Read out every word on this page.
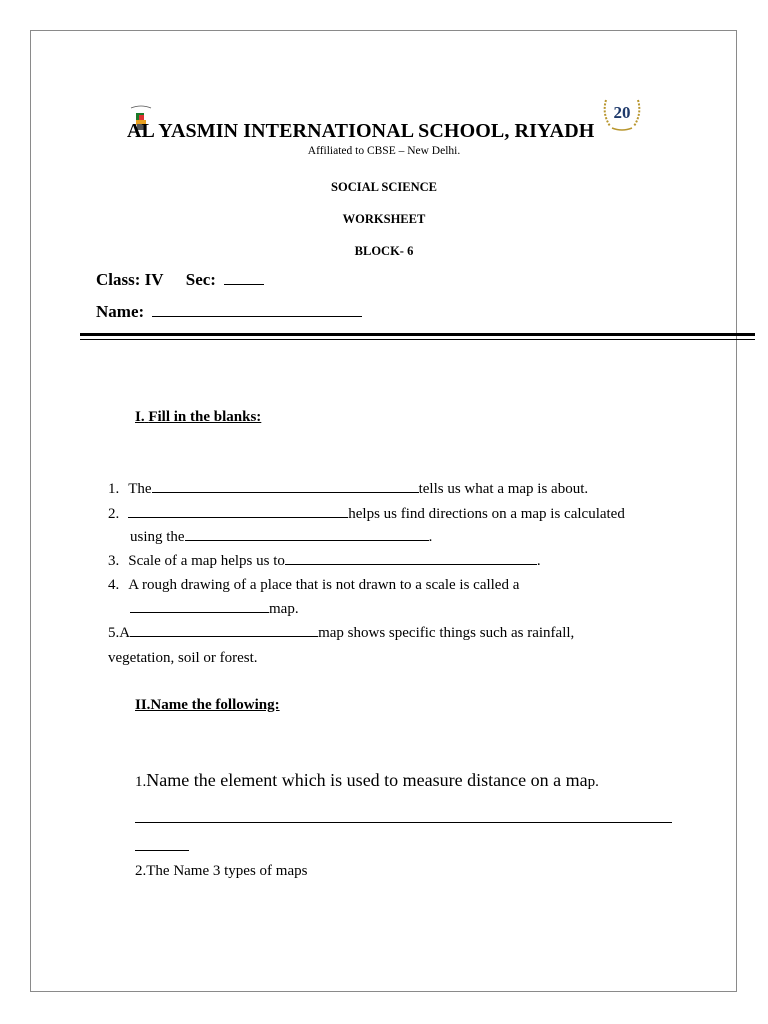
20
AL YASMIN INTERNATIONAL SCHOOL, RIYADH
Affiliated to CBSE – New Delhi.
SOCIAL SCIENCE
WORKSHEET
BLOCK- 6
Class: IV Sec:
Name:
I. Fill in the blanks:
1. The	tells us what a map is about.
2.	helps us find directions on a map is calculated
using the	.
3. Scale of a map helps us to	.
4. A rough drawing of a place that is not drawn to a scale is called a
map.
5.A	map shows specific things such as rainfall,
vegetation, soil or forest.
II.Name the following:
1.Name the element which is used to measure distance on a map.
2.The Name 3 types of maps
